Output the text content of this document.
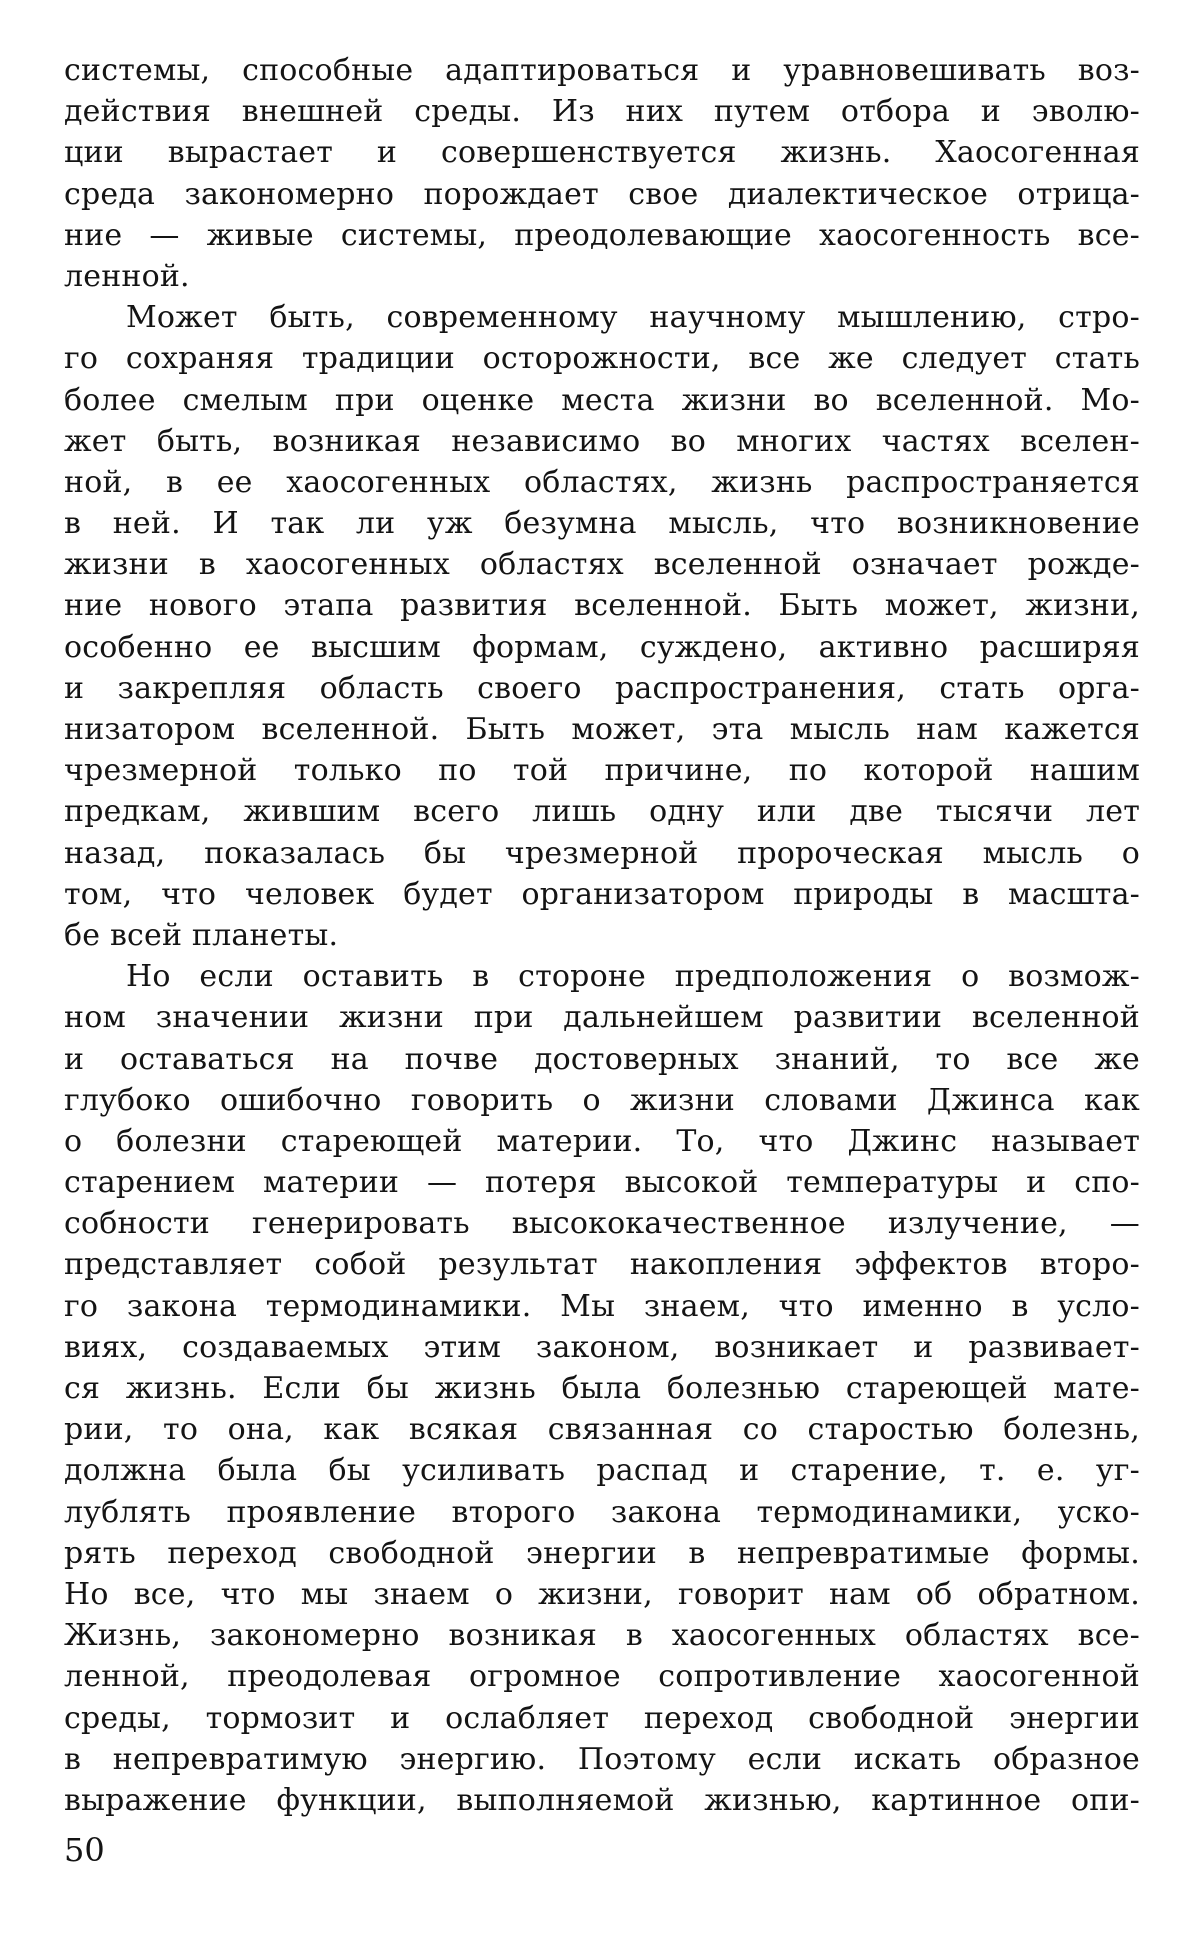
системы, способные адаптироваться и уравновешивать воз-
действия внешней среды. Из них путем отбора и эволю-
ции вырастает и совершенствуется жизнь. Хаосогенная
среда закономерно порождает свое диалектическое отрица-
ние — живые системы, преодолевающие хаосогенность все-
ленной.
Может быть, современному научному мышлению, стро-
го сохраняя традиции осторожности, все же следует стать
более смелым при оценке места жизни во вселенной. Мо-
жет быть, возникая независимо во многих частях вселен-
ной, в ее хаосогенных областях, жизнь распространяется
в ней. И так ли уж безумна мысль, что возникновение
жизни в хаосогенных областях вселенной означает рожде-
ние нового этапа развития вселенной. Быть может, жизни,
особенно ее высшим формам, суждено, активно расширяя
и закрепляя область своего распространения, стать орга-
низатором вселенной. Быть может, эта мысль нам кажется
чрезмерной только по той причине, по которой нашим
предкам, жившим всего лишь одну или две тысячи лет
назад, показалась бы чрезмерной пророческая мысль о
том, что человек будет организатором природы в масшта-
бе всей планеты.
Но если оставить в стороне предположения о возмож-
ном значении жизни при дальнейшем развитии вселенной
и оставаться на почве достоверных знаний, то все же
глубоко ошибочно говорить о жизни словами Джинса как
о болезни стареющей материи. То, что Джинс называет
старением материи — потеря высокой температуры и спо-
собности генерировать высококачественное излучение, —
представляет собой результат накопления эффектов второ-
го закона термодинамики. Мы знаем, что именно в усло-
виях, создаваемых этим законом, возникает и развивает-
ся жизнь. Если бы жизнь была болезнью стареющей мате-
рии, то она, как всякая связанная со старостью болезнь,
должна была бы усиливать распад и старение, т. е. уг-
лублять проявление второго закона термодинамики, уско-
рять переход свободной энергии в непревратимые формы.
Но все, что мы знаем о жизни, говорит нам об обратном.
Жизнь, закономерно возникая в хаосогенных областях все-
ленной, преодолевая огромное сопротивление хаосогенной
среды, тормозит и ослабляет переход свободной энергии
в непревратимую энергию. Поэтому если искать образное
выражение функции, выполняемой жизнью, картинное опи-
50
